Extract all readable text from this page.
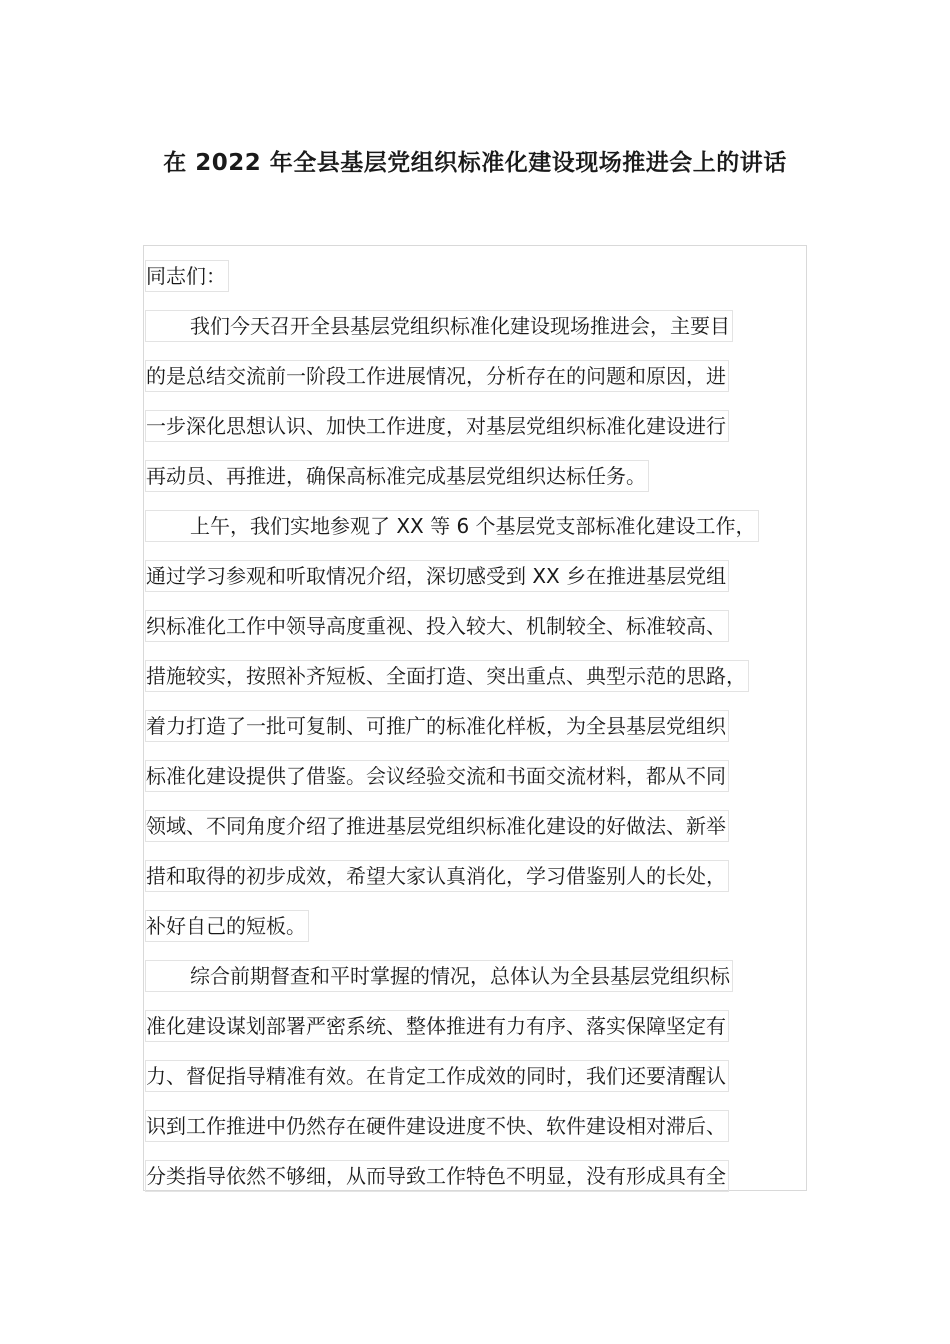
在 2022 年全县基层党组织标准化建设现场推进会上的讲话
同志们：
我们今天召开全县基层党组织标准化建设现场推进会，主要目
的是总结交流前一阶段工作进展情况，分析存在的问题和原因，进
一步深化思想认识、加快工作进度，对基层党组织标准化建设进行
再动员、再推进，确保高标准完成基层党组织达标任务。
上午，我们实地参观了 XX 等 6 个基层党支部标准化建设工作，
通过学习参观和听取情况介绍，深切感受到 XX 乡在推进基层党组
织标准化工作中领导高度重视、投入较大、机制较全、标准较高、
措施较实，按照补齐短板、全面打造、突出重点、典型示范的思路，
着力打造了一批可复制、可推广的标准化样板，为全县基层党组织
标准化建设提供了借鉴。会议经验交流和书面交流材料，都从不同
领域、不同角度介绍了推进基层党组织标准化建设的好做法、新举
措和取得的初步成效，希望大家认真消化，学习借鉴别人的长处，
补好自己的短板。
综合前期督查和平时掌握的情况，总体认为全县基层党组织标
准化建设谋划部署严密系统、整体推进有力有序、落实保障坚定有
力、督促指导精准有效。在肯定工作成效的同时，我们还要清醒认
识到工作推进中仍然存在硬件建设进度不快、软件建设相对滞后、
分类指导依然不够细，从而导致工作特色不明显，没有形成具有全
